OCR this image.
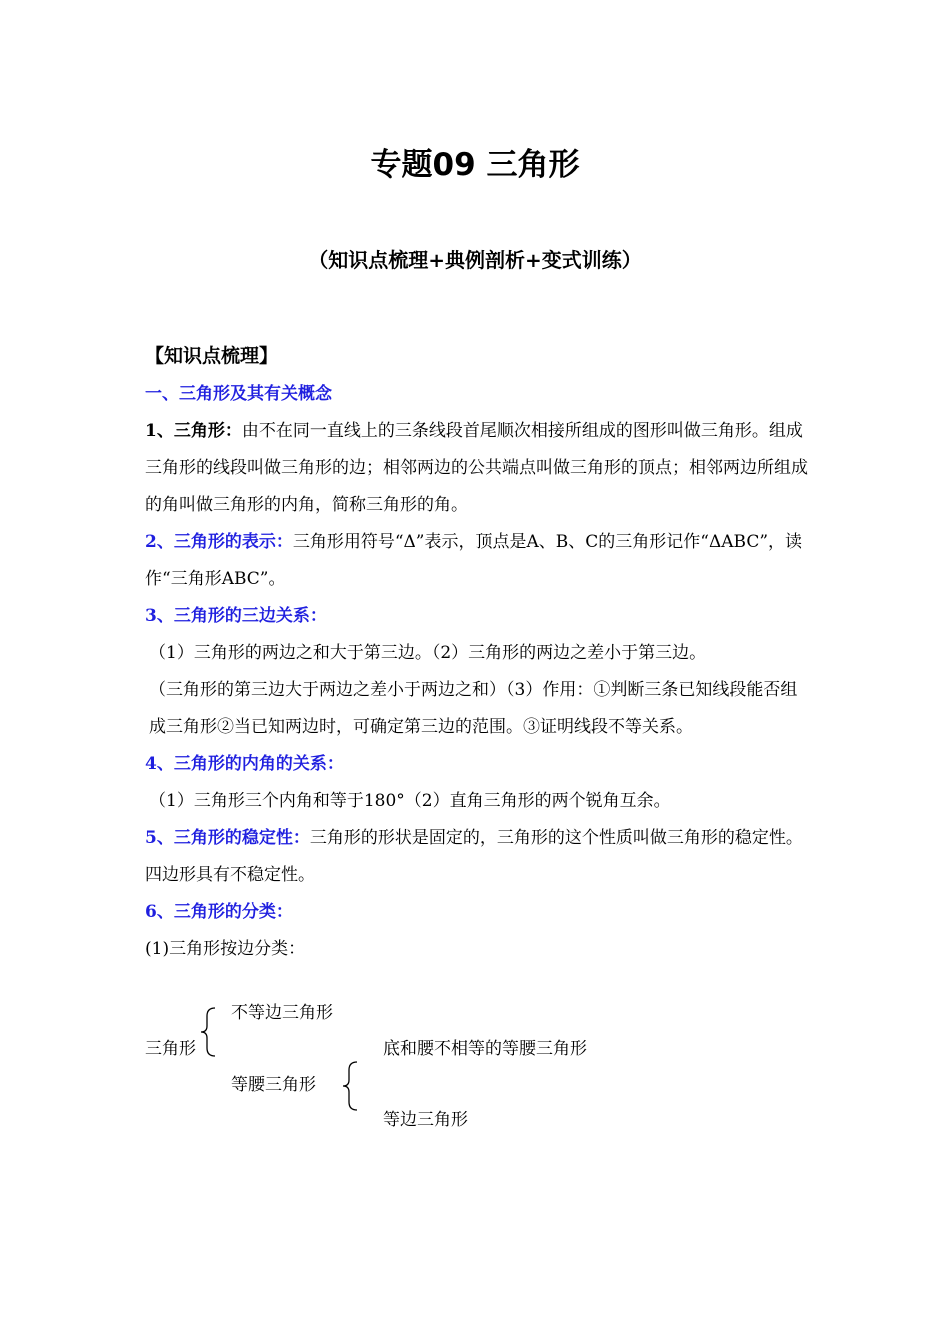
专题09 三角形
（知识点梳理+典例剖析+变式训练）

【知识点梳理】

一、三角形及其有关概念

1、三角形：由不在同一直线上的三条线段首尾顺次相接所组成的图形叫做三角形。组成三角形的线段叫做三角形的边；相邻两边的公共端点叫做三角形的顶点；相邻两边所组成的角叫做三角形的内角，简称三角形的角。

2、三角形的表示：三角形用符号“Δ”表示，顶点是A、B、C的三角形记作“ΔABC”，读作“三角形ABC”。

3、三角形的三边关系：

（1）三角形的两边之和大于第三边。（2）三角形的两边之差小于第三边。

（三角形的第三边大于两边之差小于两边之和）（3）作用：①判断三条已知线段能否组成三角形②当已知两边时，可确定第三边的范围。③证明线段不等关系。

4、三角形的内角的关系：

（1）三角形三个内角和等于180°（2）直角三角形的两个锐角互余。

5、三角形的稳定性：三角形的形状是固定的，三角形的这个性质叫做三角形的稳定性。四边形具有不稳定性。

6、三角形的分类：

(1)三角形按边分类：

不等边三角形
三角形	底和腰不相等的等腰三角形
等腰三角形
等边三角形
